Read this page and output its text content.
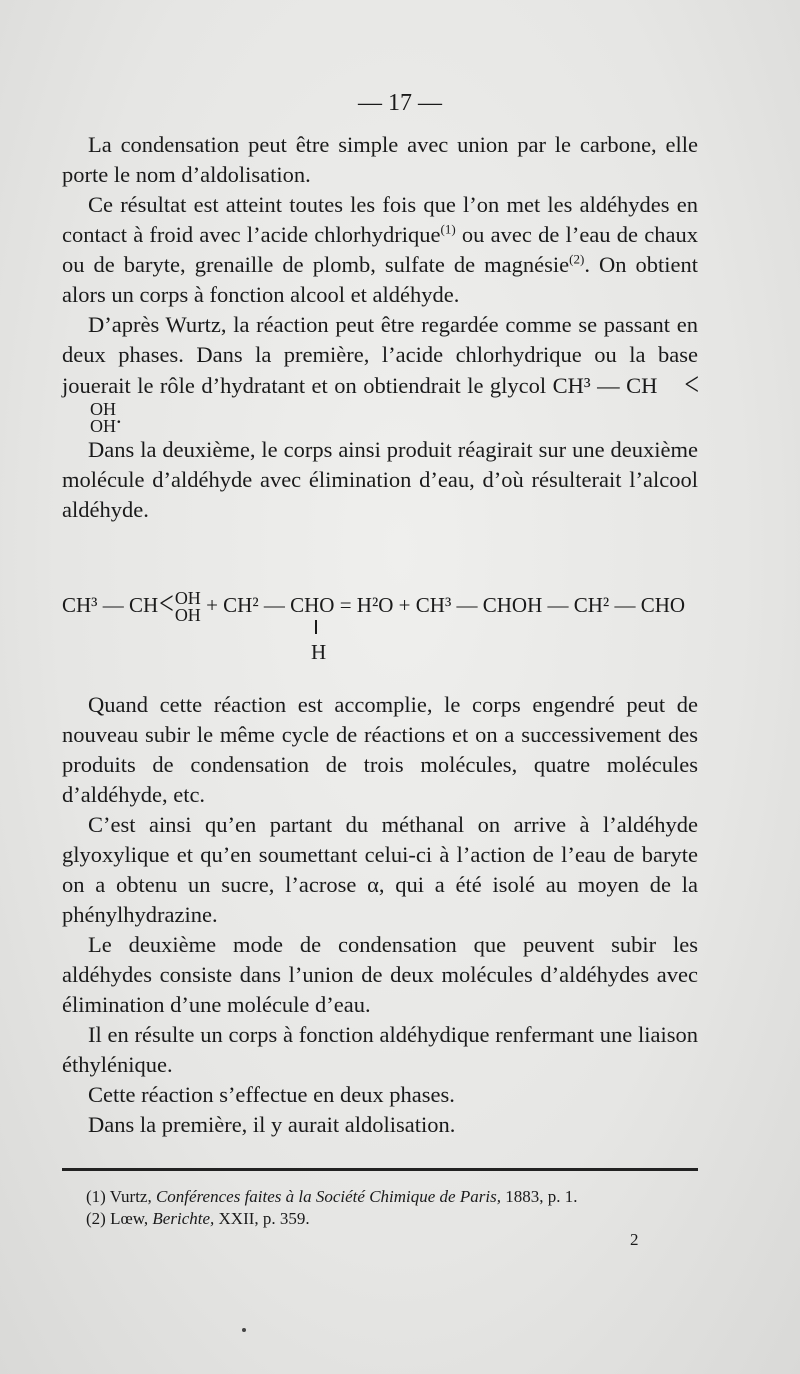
— 17 —

La condensation peut être simple avec union par le carbone, elle porte le nom d’aldolisation.

Ce résultat est atteint toutes les fois que l’on met les aldéhydes en contact à froid avec l’acide chlorhydrique$^{(1)}$ ou avec de l’eau de chaux ou de baryte, grenaille de plomb, sulfate de magnésie$^{(2)}$. On obtient alors un corps à fonction alcool et aldéhyde.

D’après Wurtz, la réaction peut être regardée comme se passant en deux phases. Dans la première, l’acide chlorhydrique ou la base jouerait le rôle d’hydratant et on obtiendrait le glycol CH³ — CH <
OH
OH .

Dans la deuxième, le corps ainsi produit réagirait sur une deuxième molécule d’aldéhyde avec élimination d’eau, d’où résulterait l’alcool aldéhyde.

CH³ — CH< OH
OH + CH² — CHO = H²O + CH³ — CHOH — CH² — CHO
H

Quand cette réaction est accomplie, le corps engendré peut de nouveau subir le même cycle de réactions et on a successivement des produits de condensation de trois molécules, quatre molécules d’aldéhyde, etc.

C’est ainsi qu’en partant du méthanal on arrive à l’aldéhyde glyoxylique et qu’en soumettant celui-ci à l’action de l’eau de baryte on a obtenu un sucre, l’acrose α, qui a été isolé au moyen de la phénylhydrazine.

Le deuxième mode de condensation que peuvent subir les aldéhydes consiste dans l’union de deux molécules d’aldéhydes avec élimination d’une molécule d’eau.

Il en résulte un corps à fonction aldéhydique renfermant une liaison éthylénique.

Cette réaction s’effectue en deux phases.

Dans la première, il y aurait aldolisation.

(1) Vurtz, Conférences faites à la Société Chimique de Paris, 1883, p. 1.
(2) Lœw, Berichte, XXII, p. 359.
2
